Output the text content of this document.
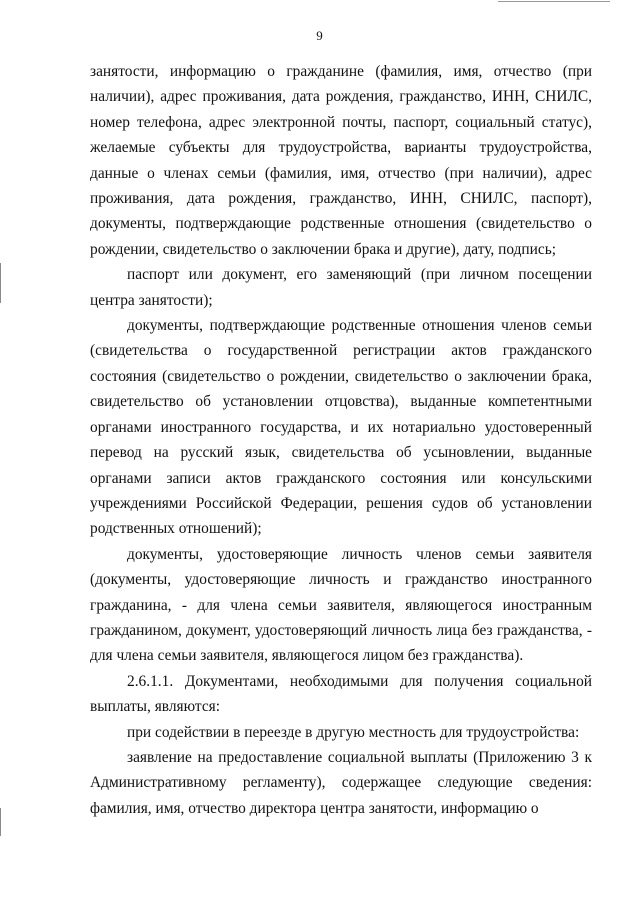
9

занятости, информацию о гражданине (фамилия, имя, отчество (при наличии), адрес проживания, дата рождения, гражданство, ИНН, СНИЛС, номер телефона, адрес электронной почты, паспорт, социальный статус), желаемые субъекты для трудоустройства, варианты трудоустройства, данные о членах семьи (фамилия, имя, отчество (при наличии), адрес проживания, дата рождения, гражданство, ИНН, СНИЛС, паспорт), документы, подтверждающие родственные отношения (свидетельство о рождении, свидетельство о заключении брака и другие), дату, подпись;

паспорт или документ, его заменяющий (при личном посещении центра занятости);

документы, подтверждающие родственные отношения членов семьи (свидетельства о государственной регистрации актов гражданского состояния (свидетельство о рождении, свидетельство о заключении брака, свидетельство об установлении отцовства), выданные компетентными органами иностранного государства, и их нотариально удостоверенный перевод на русский язык, свидетельства об усыновлении, выданные органами записи актов гражданского состояния или консульскими учреждениями Российской Федерации, решения судов об установлении родственных отношений);

документы, удостоверяющие личность членов семьи заявителя (документы, удостоверяющие личность и гражданство иностранного гражданина, - для члена семьи заявителя, являющегося иностранным гражданином, документ, удостоверяющий личность лица без гражданства, - для члена семьи заявителя, являющегося лицом без гражданства).

2.6.1.1. Документами, необходимыми для получения социальной выплаты, являются:

при содействии в переезде в другую местность для трудоустройства:

заявление на предоставление социальной выплаты (Приложению 3 к Административному регламенту), содержащее следующие сведения: фамилия, имя, отчество директора центра занятости, информацию о
